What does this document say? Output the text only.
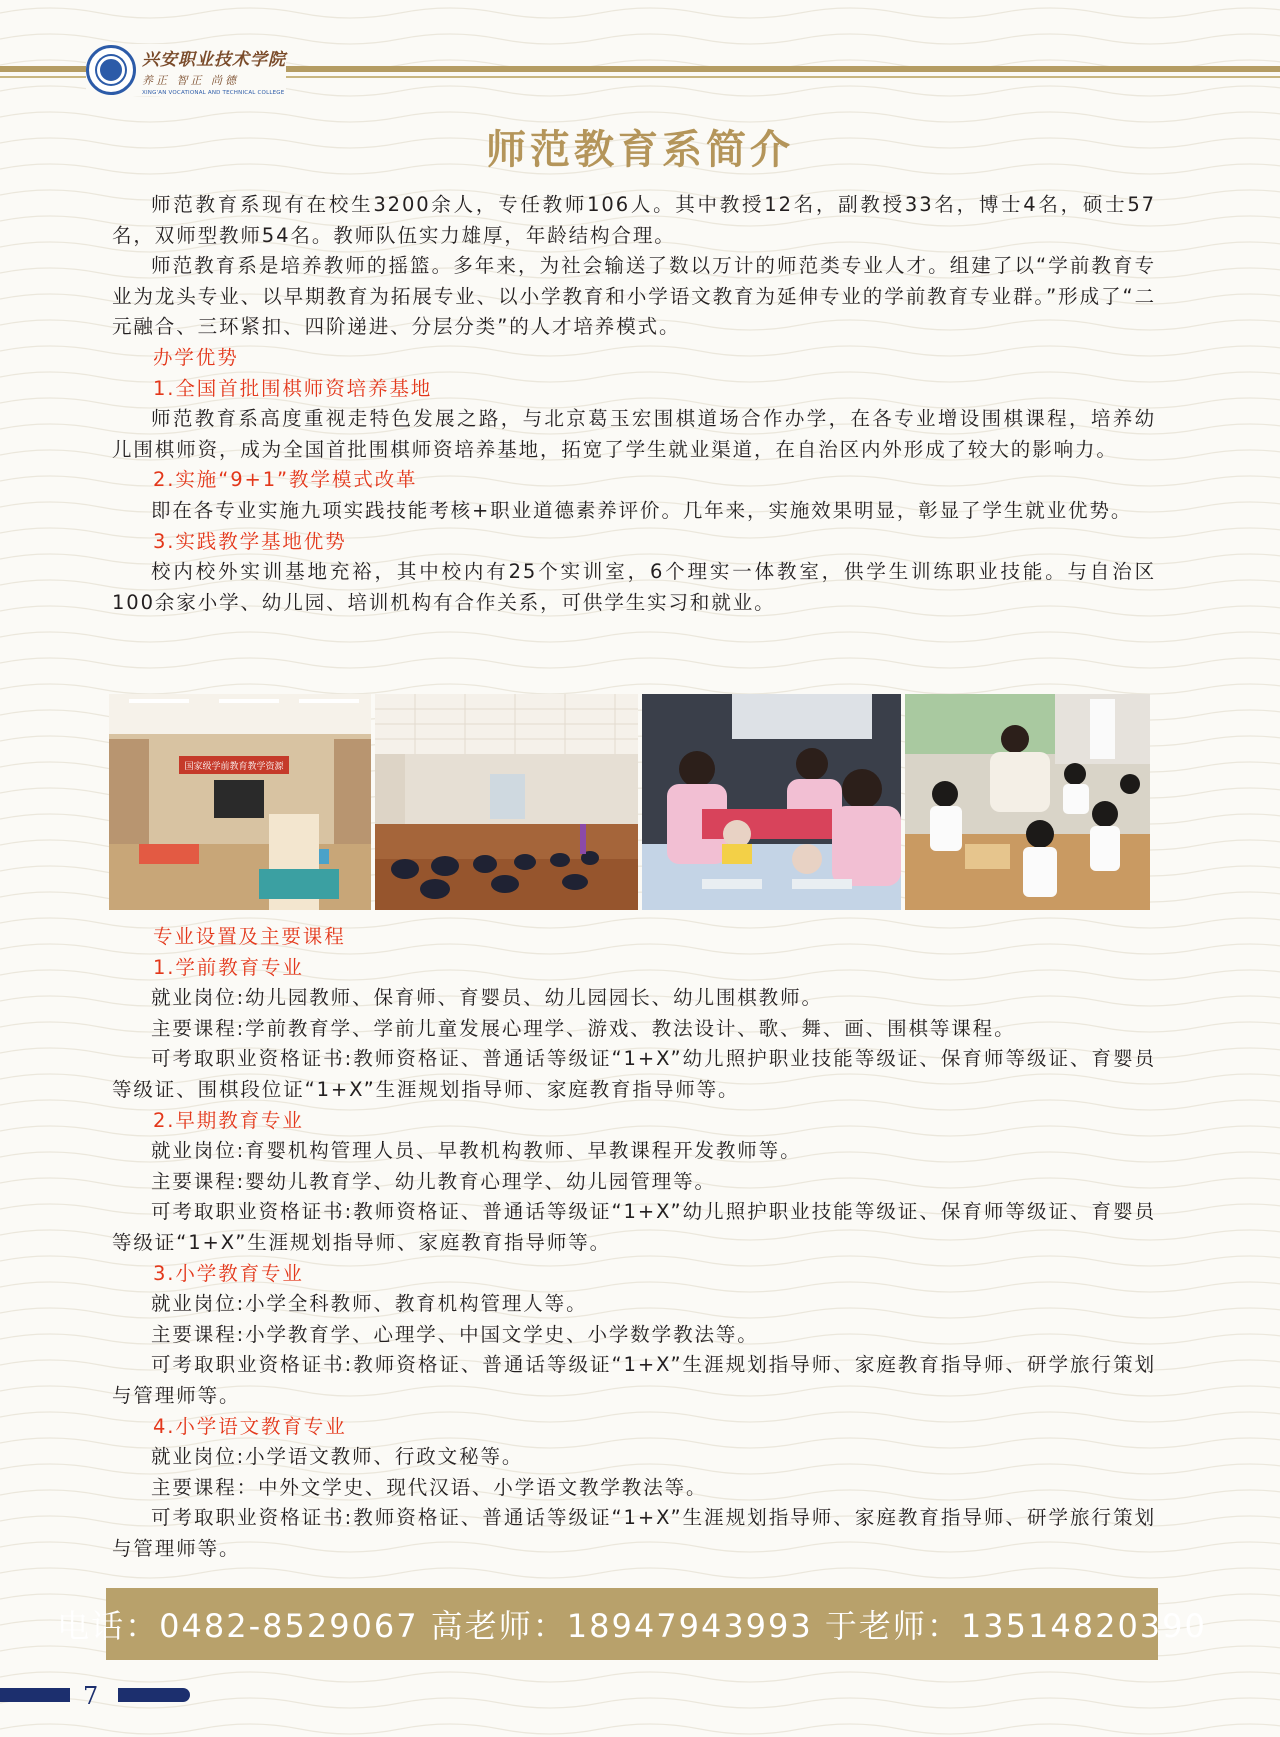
兴安职业技术学院
养正 智正 尚德
XING'AN VOCATIONAL AND TECHNICAL COLLEGE
师范教育系简介

师范教育系现有在校生3200余人，专任教师106人。其中教授12名，副教授33名，博士4名，硕士57名，双师型教师54名。教师队伍实力雄厚，年龄结构合理。

师范教育系是培养教师的摇篮。多年来，为社会输送了数以万计的师范类专业人才。组建了以“学前教育专业为龙头专业、以早期教育为拓展专业、以小学教育和小学语文教育为延伸专业的学前教育专业群。”形成了“二元融合、三环紧扣、四阶递进、分层分类”的人才培养模式。

办学优势
1.全国首批围棋师资培养基地

师范教育系高度重视走特色发展之路，与北京葛玉宏围棋道场合作办学，在各专业增设围棋课程，培养幼儿围棋师资，成为全国首批围棋师资培养基地，拓宽了学生就业渠道，在自治区内外形成了较大的影响力。

2.实施“9+1”教学模式改革

即在各专业实施九项实践技能考核+职业道德素养评价。几年来，实施效果明显，彰显了学生就业优势。

3.实践教学基地优势

校内校外实训基地充裕，其中校内有25个实训室，6个理实一体教室，供学生训练职业技能。与自治区100余家小学、幼儿园、培训机构有合作关系，可供学生实习和就业。

国家级学前教育教学资源
专业设置及主要课程
1.学前教育专业

就业岗位:幼儿园教师、保育师、育婴员、幼儿园园长、幼儿围棋教师。

主要课程:学前教育学、学前儿童发展心理学、游戏、教法设计、歌、舞、画、围棋等课程。

可考取职业资格证书:教师资格证、普通话等级证“1+X”幼儿照护职业技能等级证、保育师等级证、育婴员等级证、围棋段位证“1+X”生涯规划指导师、家庭教育指导师等。

2.早期教育专业

就业岗位:育婴机构管理人员、早教机构教师、早教课程开发教师等。

主要课程:婴幼儿教育学、幼儿教育心理学、幼儿园管理等。

可考取职业资格证书:教师资格证、普通话等级证“1+X”幼儿照护职业技能等级证、保育师等级证、育婴员等级证“1+X”生涯规划指导师、家庭教育指导师等。

3.小学教育专业

就业岗位:小学全科教师、教育机构管理人等。

主要课程:小学教育学、心理学、中国文学史、小学数学教法等。

可考取职业资格证书:教师资格证、普通话等级证“1+X”生涯规划指导师、家庭教育指导师、研学旅行策划与管理师等。

4.小学语文教育专业

就业岗位:小学语文教师、行政文秘等。

主要课程：中外文学史、现代汉语、小学语文教学教法等。

可考取职业资格证书:教师资格证、普通话等级证“1+X”生涯规划指导师、家庭教育指导师、研学旅行策划与管理师等。

电话：0482-8529067 高老师：18947943993 于老师：13514820390
7
